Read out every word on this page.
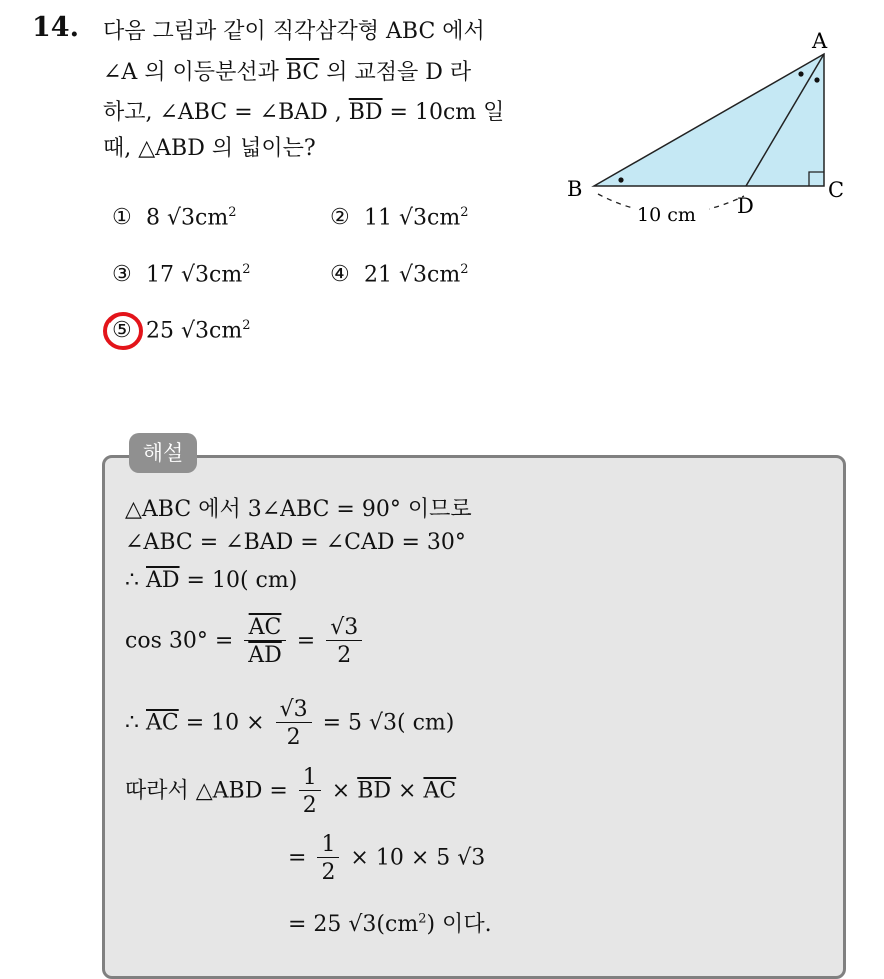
14. 다음 그림과 같이 직각삼각형 ABC 에서
∠A 의 이등분선과 $\overline{BC}$ 의 교점을 D 라
하고, ∠ABC = ∠BAD , $\overline{BD} = 10cm$ 일
때, △ABD 의 넓이는?
10 cm
A
B	C
D
① 8 $√3cm^2$	② 11 $√3cm^2$
③ 17 $√3cm^2$	④ 21 $√3cm^2$
⑤ 25 $√3cm^2$
해설
△ABC 에서 3∠ABC = 90° 이므로
∠ABC = ∠BAD = ∠CAD = 30°
∴ $\overline{AD} = 10$( cm)
$\cos 30^\circ = \frac{\overline{AC}}{AD} = \frac{√3}{2}$
∴ $\overline{AC} = 10 \times \frac{√3}{2} = 5$ √3( cm)
따라서 △ABD = $\frac{1}{2} \times \overline{BD} \times \overline{AC}$
= $\frac{1}{2} \times 10 \times 5$ √3
= 25 $√3(cm^2)$ 이다.
